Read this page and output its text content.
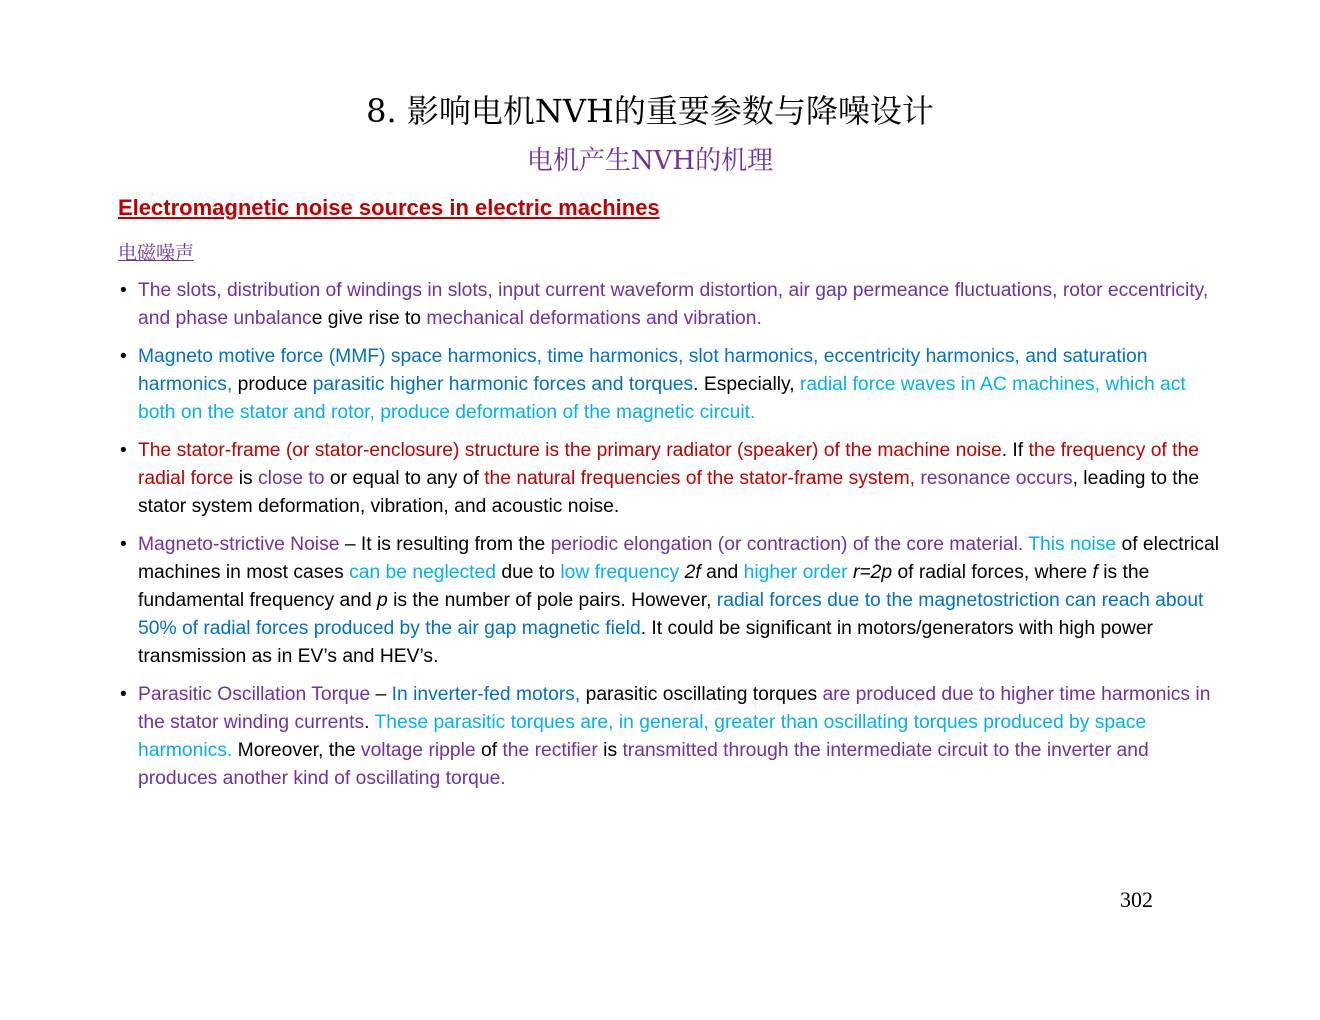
8. 影响电机NVH的重要参数与降噪设计
电机产生NVH的机理
Electromagnetic noise sources in electric machines
电磁噪声
• The slots, distribution of windings in slots, input current waveform distortion, air gap permeance fluctuations, rotor eccentricity, and phase unbalance give rise to mechanical deformations and vibration.
• Magneto motive force (MMF) space harmonics, time harmonics, slot harmonics, eccentricity harmonics, and saturation harmonics, produce parasitic higher harmonic forces and torques. Especially, radial force waves in AC machines, which act both on the stator and rotor, produce deformation of the magnetic circuit.
• The stator-frame (or stator-enclosure) structure is the primary radiator (speaker) of the machine noise. If the frequency of the radial force is close to or equal to any of the natural frequencies of the stator-frame system, resonance occurs, leading to the stator system deformation, vibration, and acoustic noise.
• Magneto-strictive Noise – It is resulting from the periodic elongation (or contraction) of the core material. This noise of electrical machines in most cases can be neglected due to low frequency 2f and higher order r=2p of radial forces, where f is the fundamental frequency and p is the number of pole pairs. However, radial forces due to the magnetostriction can reach about 50% of radial forces produced by the air gap magnetic field. It could be significant in motors/generators with high power transmission as in EV’s and HEV’s.
• Parasitic Oscillation Torque – In inverter-fed motors, parasitic oscillating torques are produced due to higher time harmonics in the stator winding currents. These parasitic torques are, in general, greater than oscillating torques produced by space harmonics. Moreover, the voltage ripple of the rectifier is transmitted through the intermediate circuit to the inverter and produces another kind of oscillating torque.
302
